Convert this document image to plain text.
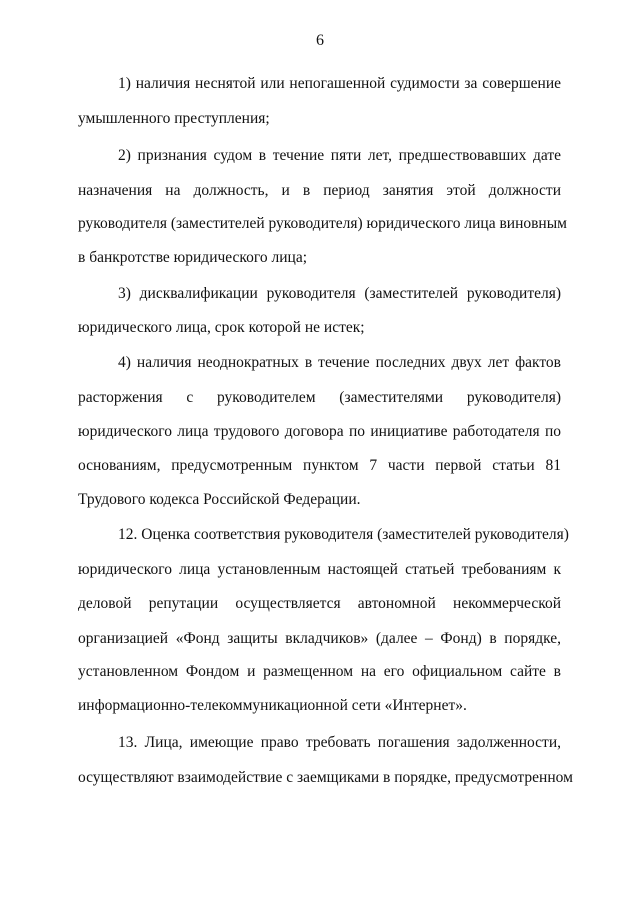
6
1) наличия неснятой или непогашенной судимости за совершение
умышленного преступления;
2) признания судом в течение пяти лет, предшествовавших дате
назначения на должность, и в период занятия этой должности
руководителя (заместителей руководителя) юридического лица виновным
в банкротстве юридического лица;
3) дисквалификации руководителя (заместителей руководителя)
юридического лица, срок которой не истек;
4) наличия неоднократных в течение последних двух лет фактов
расторжения с руководителем (заместителями руководителя)
юридического лица трудового договора по инициативе работодателя по
основаниям, предусмотренным пунктом 7 части первой статьи 81
Трудового кодекса Российской Федерации.
12. Оценка соответствия руководителя (заместителей руководителя)
юридического лица установленным настоящей статьей требованиям к
деловой репутации осуществляется автономной некоммерческой
организацией «Фонд защиты вкладчиков» (далее – Фонд) в порядке,
установленном Фондом и размещенном на его официальном сайте в
информационно-телекоммуникационной сети «Интернет».
13. Лица, имеющие право требовать погашения задолженности,
осуществляют взаимодействие с заемщиками в порядке, предусмотренном
